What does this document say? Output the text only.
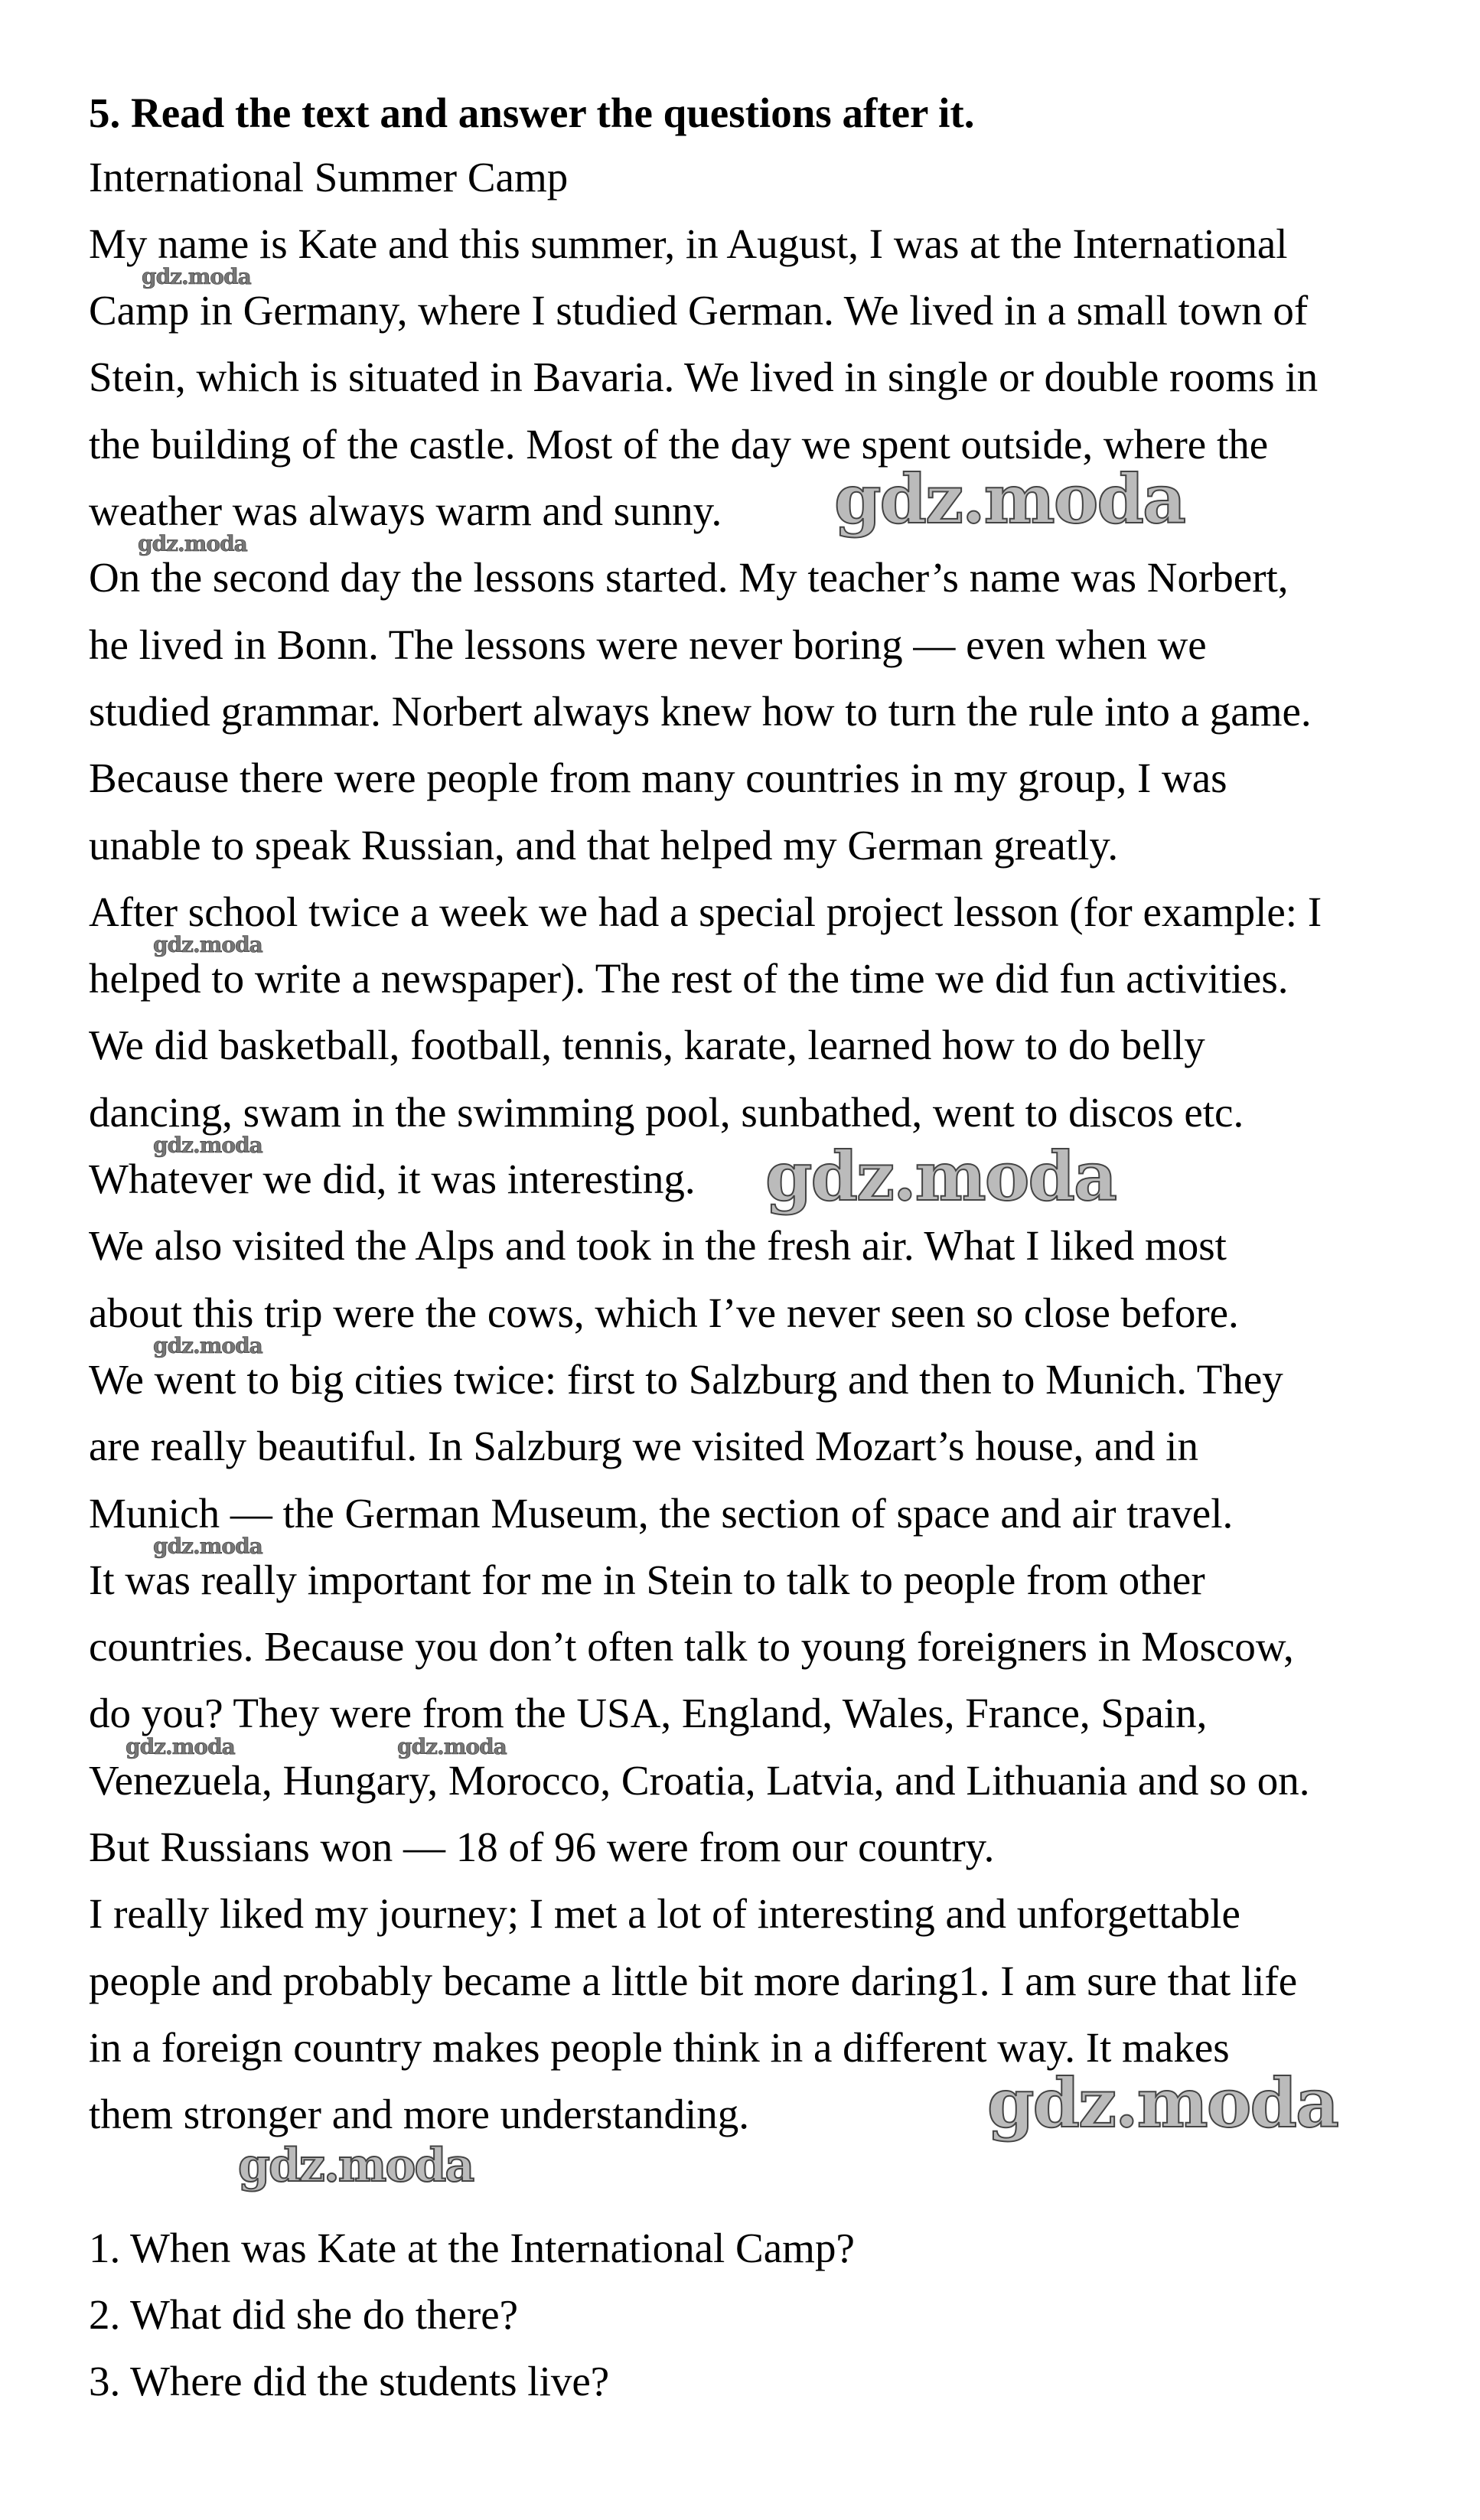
5. Read the text and answer the questions after it.
International Summer Camp
My name is Kate and this summer, in August, I was at the International
Camp in Germany, where I studied German. We lived in a small town of
Stein, which is situated in Bavaria. We lived in single or double rooms in
the building of the castle. Most of the day we spent outside, where the
weather was always warm and sunny.
On the second day the lessons started. My teacher’s name was Norbert,
he lived in Bonn. The lessons were never boring — even when we
studied grammar. Norbert always knew how to turn the rule into a game.
Because there were people from many countries in my group, I was
unable to speak Russian, and that helped my German greatly.
After school twice a week we had a special project lesson (for example: I
helped to write a newspaper). The rest of the time we did fun activities.
We did basketball, football, tennis, karate, learned how to do belly
dancing, swam in the swimming pool, sunbathed, went to discos etc.
Whatever we did, it was interesting.
We also visited the Alps and took in the fresh air. What I liked most
about this trip were the cows, which I’ve never seen so close before.
We went to big cities twice: first to Salzburg and then to Munich. They
are really beautiful. In Salzburg we visited Mozart’s house, and in
Munich — the German Museum, the section of space and air travel.
It was really important for me in Stein to talk to people from other
countries. Because you don’t often talk to young foreigners in Moscow,
do you? They were from the USA, England, Wales, France, Spain,
Venezuela, Hungary, Morocco, Croatia, Latvia, and Lithuania and so on.
But Russians won — 18 of 96 were from our country.
I really liked my journey; I met a lot of interesting and unforgettable
people and probably became a little bit more daring1. I am sure that life
in a foreign country makes people think in a different way. It makes
them stronger and more understanding.
1. When was Kate at the International Camp?
2. What did she do there?
3. Where did the students live?
gdz.moda
gdz.moda
gdz.moda
gdz.moda
gdz.moda
gdz.moda
gdz.moda
gdz.moda
gdz.moda
gdz.moda
gdz.moda	gdz.moda
